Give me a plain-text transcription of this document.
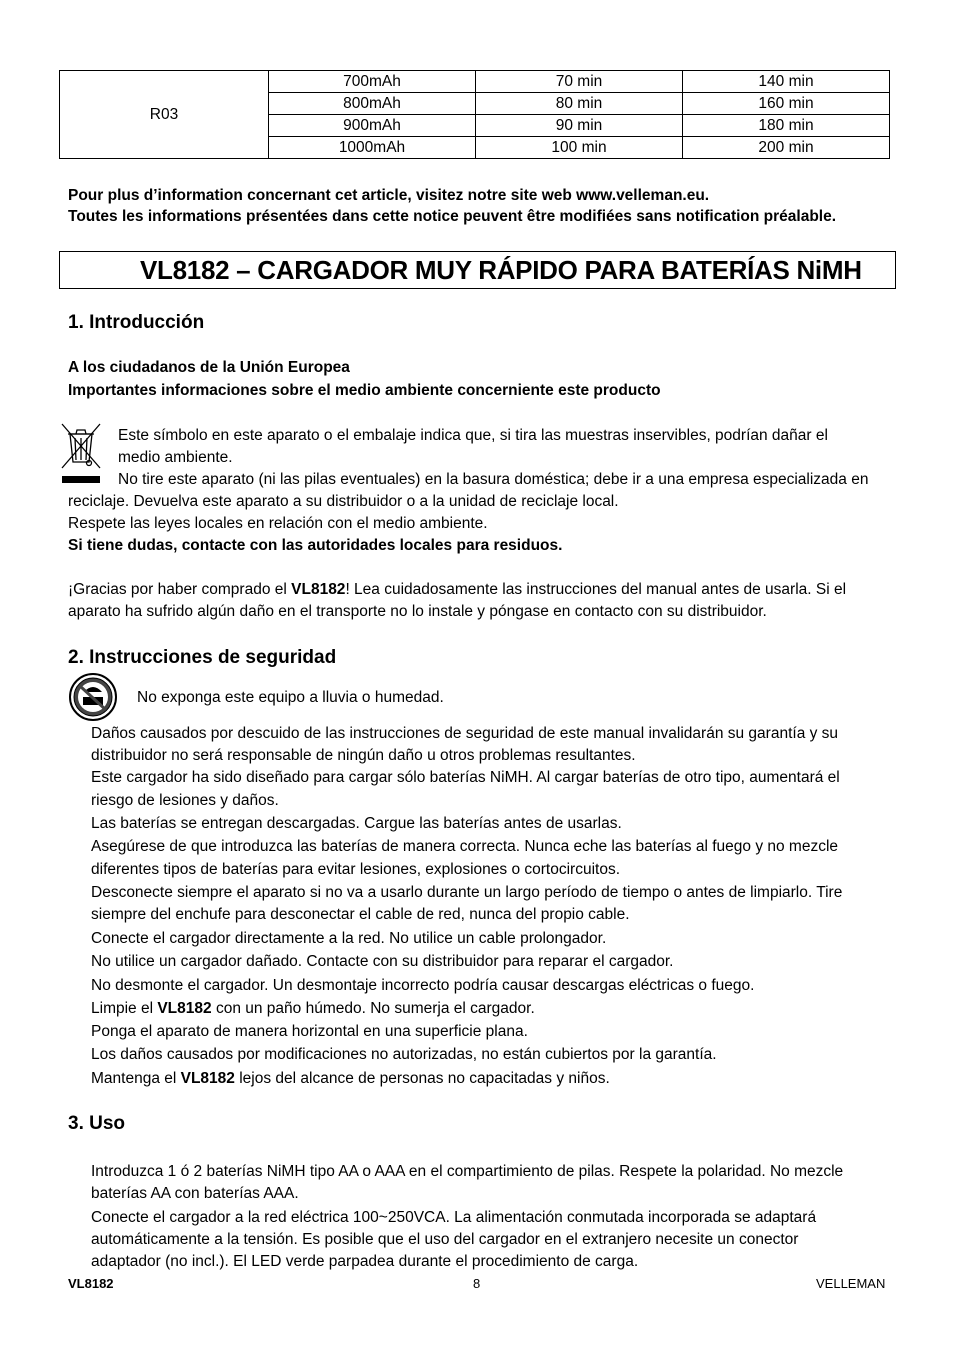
R03	700mAh	70 min	140 min
	800mAh	80 min	160 min
	900mAh	90 min	180 min
	1000mAh	100 min	200 min
Pour plus d’information concernant cet article, visitez notre site web www.velleman.eu.
Toutes les informations présentées dans cette notice peuvent être modifiées sans notification préalable.
VL8182 – CARGADOR MUY RÁPIDO PARA BATERÍAS NiMH
1. Introducción
A los ciudadanos de la Unión Europea
Importantes informaciones sobre el medio ambiente concerniente este producto
Este símbolo en este aparato o el embalaje indica que, si tira las muestras inservibles, podrían dañar el
medio ambiente.
No tire este aparato (ni las pilas eventuales) en la basura doméstica; debe ir a una empresa especializada en
reciclaje. Devuelva este aparato a su distribuidor o a la unidad de reciclaje local.
Respete las leyes locales en relación con el medio ambiente.
Si tiene dudas, contacte con las autoridades locales para residuos.
¡Gracias por haber comprado el VL8182! Lea cuidadosamente las instrucciones del manual antes de usarla. Si el
aparato ha sufrido algún daño en el transporte no lo instale y póngase en contacto con su distribuidor.
2. Instrucciones de seguridad
No exponga este equipo a lluvia o humedad.
Daños causados por descuido de las instrucciones de seguridad de este manual invalidarán su garantía y su
distribuidor no será responsable de ningún daño u otros problemas resultantes.
Este cargador ha sido diseñado para cargar sólo baterías NiMH. Al cargar baterías de otro tipo, aumentará el
riesgo de lesiones y daños.
Las baterías se entregan descargadas. Cargue las baterías antes de usarlas.
Asegúrese de que introduzca las baterías de manera correcta. Nunca eche las baterías al fuego y no mezcle
diferentes tipos de baterías para evitar lesiones, explosiones o cortocircuitos.
Desconecte siempre el aparato si no va a usarlo durante un largo período de tiempo o antes de limpiarlo. Tire
siempre del enchufe para desconectar el cable de red, nunca del propio cable.
Conecte el cargador directamente a la red. No utilice un cable prolongador.
No utilice un cargador dañado. Contacte con su distribuidor para reparar el cargador.
No desmonte el cargador. Un desmontaje incorrecto podría causar descargas eléctricas o fuego.
Limpie el VL8182 con un paño húmedo. No sumerja el cargador.
Ponga el aparato de manera horizontal en una superficie plana.
Los daños causados por modificaciones no autorizadas, no están cubiertos por la garantía.
Mantenga el VL8182 lejos del alcance de personas no capacitadas y niños.
3. Uso
Introduzca 1 ó 2 baterías NiMH tipo AA o AAA en el compartimiento de pilas. Respete la polaridad. No mezcle
baterías AA con baterías AAA.
Conecte el cargador a la red eléctrica 100~250VCA. La alimentación conmutada incorporada se adaptará
automáticamente a la tensión. Es posible que el uso del cargador en el extranjero necesite un conector
adaptador (no incl.). El LED verde parpadea durante el procedimiento de carga.
VL8182	8	VELLEMAN
